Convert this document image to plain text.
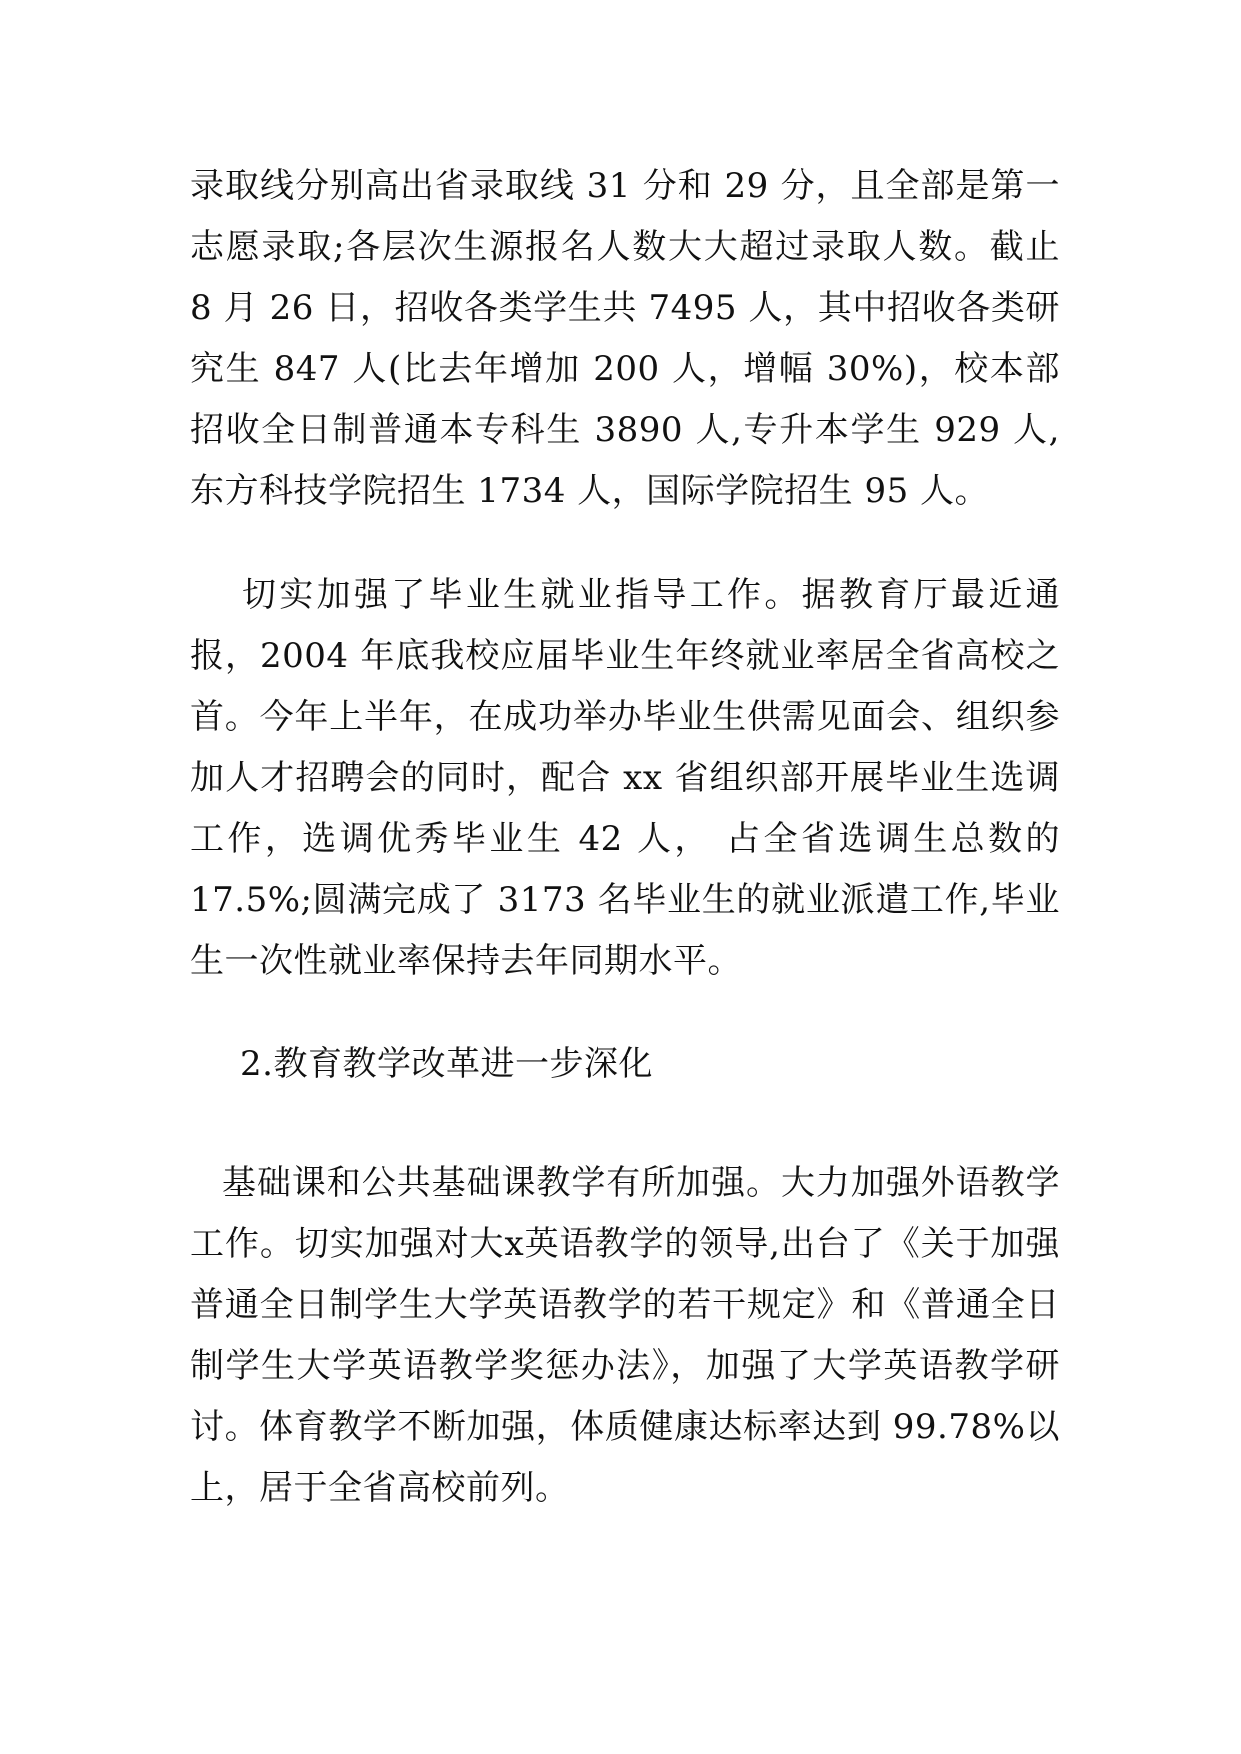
录取线分别高出省录取线 31 分和 29 分，且全部是第一志愿录取;各层次生源报名人数大大超过录取人数。截止 8 月 26 日，招收各类学生共 7495 人，其中招收各类研究生 847 人(比去年增加 200 人，增幅 30%)，校本部招收全日制普通本专科生 3890 人,专升本学生 929 人,东方科技学院招生 1734 人，国际学院招生 95 人。

切实加强了毕业生就业指导工作。据教育厅最近通报，2004 年底我校应届毕业生年终就业率居全省高校之首。今年上半年，在成功举办毕业生供需见面会、组织参加人才招聘会的同时，配合 xx 省组织部开展毕业生选调工作，选调优秀毕业生 42 人， 占全省选调生总数的 17.5%;圆满完成了 3173 名毕业生的就业派遣工作,毕业生一次性就业率保持去年同期水平。

2.教育教学改革进一步深化

基础课和公共基础课教学有所加强。大力加强外语教学工作。切实加强对大ⅹ英语教学的领导,出台了《关于加强普通全日制学生大学英语教学的若干规定》和《普通全日制学生大学英语教学奖惩办法》，加强了大学英语教学研讨。体育教学不断加强，体质健康达标率达到 99.78%以上，居于全省高校前列。
